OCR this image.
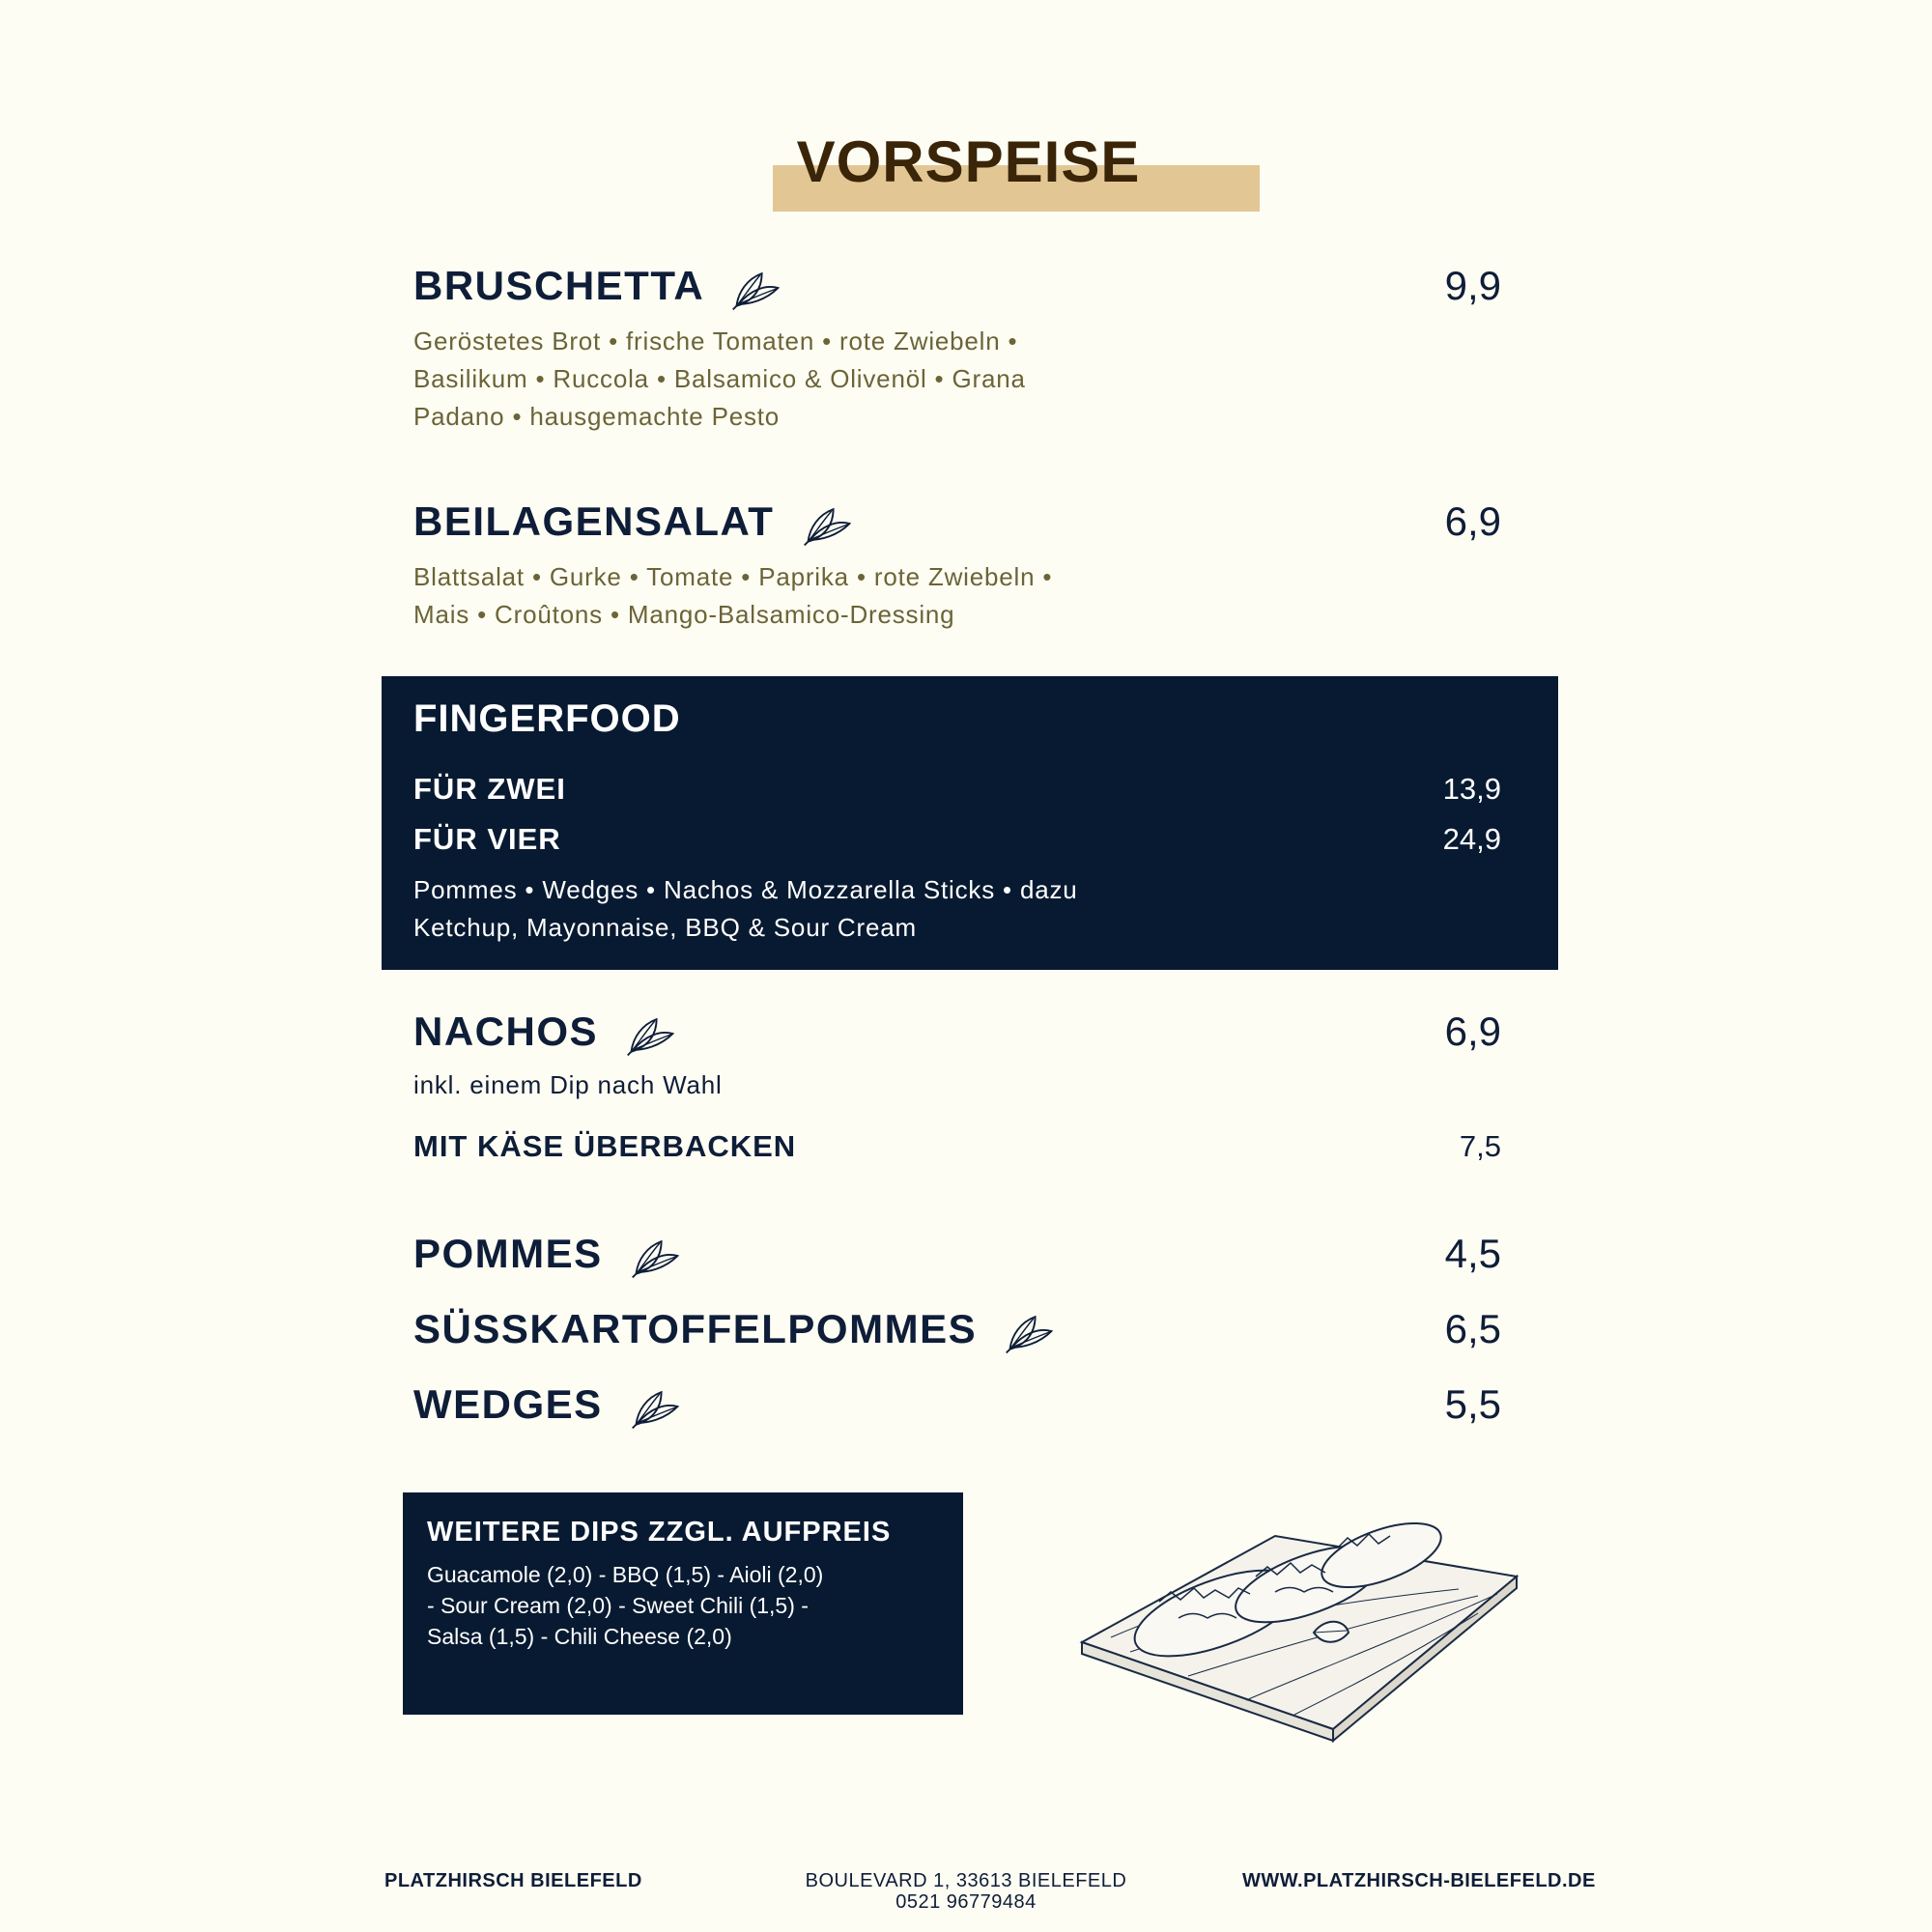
VORSPEISE
BRUSCHETTA	9,9
Geröstetes Brot • frische Tomaten • rote Zwiebeln •
Basilikum • Ruccola • Balsamico & Olivenöl • Grana
Padano • hausgemachte Pesto
BEILAGENSALAT	6,9
Blattsalat • Gurke • Tomate • Paprika • rote Zwiebeln •
Mais • Croûtons • Mango-Balsamico-Dressing
FINGERFOOD
FÜR ZWEI	13,9
FÜR VIER	24,9
Pommes • Wedges • Nachos & Mozzarella Sticks • dazu
Ketchup, Mayonnaise, BBQ & Sour Cream
NACHOS	6,9
inkl. einem Dip nach Wahl
MIT KÄSE ÜBERBACKEN	7,5
POMMES	4,5
SÜSSKARTOFFELPOMMES	6,5
WEDGES	5,5
WEITERE DIPS ZZGL. AUFPREIS
Guacamole (2,0) - BBQ (1,5) - Aioli (2,0)
- Sour Cream (2,0) - Sweet Chili (1,5) -
Salsa (1,5) - Chili Cheese (2,0)
PLATZHIRSCH BIELEFELD	BOULEVARD 1, 33613 BIELEFELD
0521 96779484
WWW.PLATZHIRSCH-BIELEFELD.DE
